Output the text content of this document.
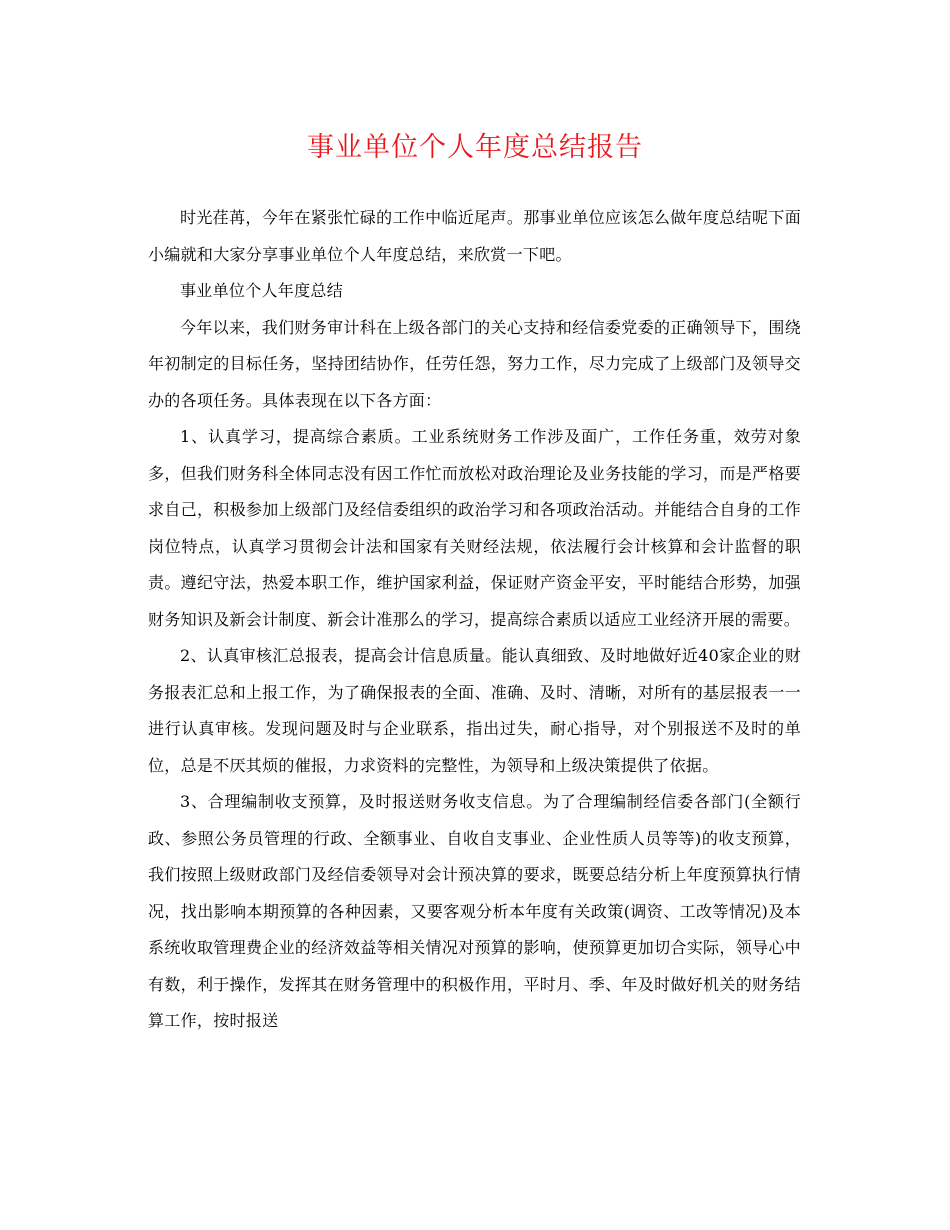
事业单位个人年度总结报告

时光荏苒，今年在紧张忙碌的工作中临近尾声。那事业单位应该怎么做年度总结呢下面小编就和大家分享事业单位个人年度总结，来欣赏一下吧。

事业单位个人年度总结

今年以来，我们财务审计科在上级各部门的关心支持和经信委党委的正确领导下，围绕年初制定的目标任务，坚持团结协作，任劳任怨，努力工作，尽力完成了上级部门及领导交办的各项任务。具体表现在以下各方面：

1、认真学习，提高综合素质。工业系统财务工作涉及面广，工作任务重，效劳对象多，但我们财务科全体同志没有因工作忙而放松对政治理论及业务技能的学习，而是严格要求自己，积极参加上级部门及经信委组织的政治学习和各项政治活动。并能结合自身的工作岗位特点，认真学习贯彻会计法和国家有关财经法规，依法履行会计核算和会计监督的职责。遵纪守法，热爱本职工作，维护国家利益，保证财产资金平安，平时能结合形势，加强财务知识及新会计制度、新会计准那么的学习，提高综合素质以适应工业经济开展的需要。

2、认真审核汇总报表，提高会计信息质量。能认真细致、及时地做好近40家企业的财务报表汇总和上报工作，为了确保报表的全面、准确、及时、清晰，对所有的基层报表一一进行认真审核。发现问题及时与企业联系，指出过失，耐心指导，对个别报送不及时的单位，总是不厌其烦的催报，力求资料的完整性，为领导和上级决策提供了依据。

3、合理编制收支预算，及时报送财务收支信息。为了合理编制经信委各部门(全额行政、参照公务员管理的行政、全额事业、自收自支事业、企业性质人员等等)的收支预算，我们按照上级财政部门及经信委领导对会计预决算的要求，既要总结分析上年度预算执行情况，找出影响本期预算的各种因素，又要客观分析本年度有关政策(调资、工改等情况)及本系统收取管理费企业的经济效益等相关情况对预算的影响，使预算更加切合实际，领导心中有数，利于操作，发挥其在财务管理中的积极作用，平时月、季、年及时做好机关的财务结算工作，按时报送
